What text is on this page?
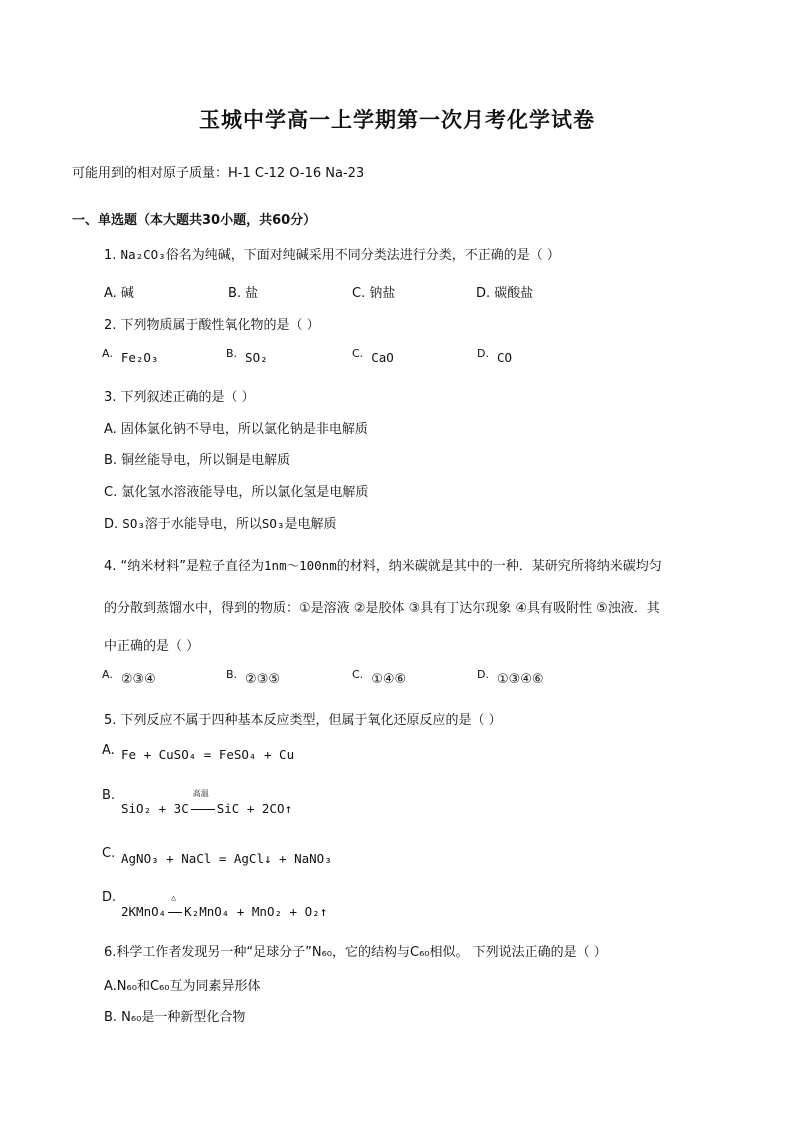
玉城中学高一上学期第一次月考化学试卷
可能用到的相对原子质量：H-1 C-12 O-16 Na-23
一、单选题（本大题共30小题，共60分）
1. Na₂CO₃俗名为纯碱，下面对纯碱采用不同分类法进行分类，不正确的是（ ）
A. 碱	B. 盐	C. 钠盐	D. 碳酸盐
2. 下列物质属于酸性氧化物的是（ ）
$^{A.}$ Fe₂O₃	$^{B.}$ SO₂	$^{C.}$ CaO	$^{D.}$ CO
3. 下列叙述正确的是（ ）
A. 固体氯化钠不导电，所以氯化钠是非电解质
B. 铜丝能导电，所以铜是电解质
C. 氯化氢水溶液能导电，所以氯化氢是电解质
D. SO₃溶于水能导电，所以SO₃是电解质
4. “纳米材料”是粒子直径为1nm～100nm的材料，纳米碳就是其中的一种．某研究所将纳米碳均匀
的分散到蒸馏水中，得到的物质：①是溶液 ②是胶体 ③具有丁达尔现象 ④具有吸附性 ⑤浊液．其
中正确的是（ ）
$^{A.}$ ②③④	$^{B.}$ ②③⑤	$^{C.}$ ①④⑥	$^{D.}$ ①③④⑥
5. 下列反应不属于四种基本反应类型，但属于氧化还原反应的是（ ）
A. Fe + CuSO₄ = FeSO₄ + Cu
B.
SiO₂ + 3C
高温
SiC + 2CO↑
C. AgNO₃ + NaCl = AgCl↓ + NaNO₃
D.
2KMnO₄
△
K₂MnO₄ + MnO₂ + O₂↑
6.科学工作者发现另一种“足球分子”N₆₀，它的结构与C₆₀相似。 下列说法正确的是（ ）
A.N₆₀和C₆₀互为同素异形体
B. N₆₀是一种新型化合物
